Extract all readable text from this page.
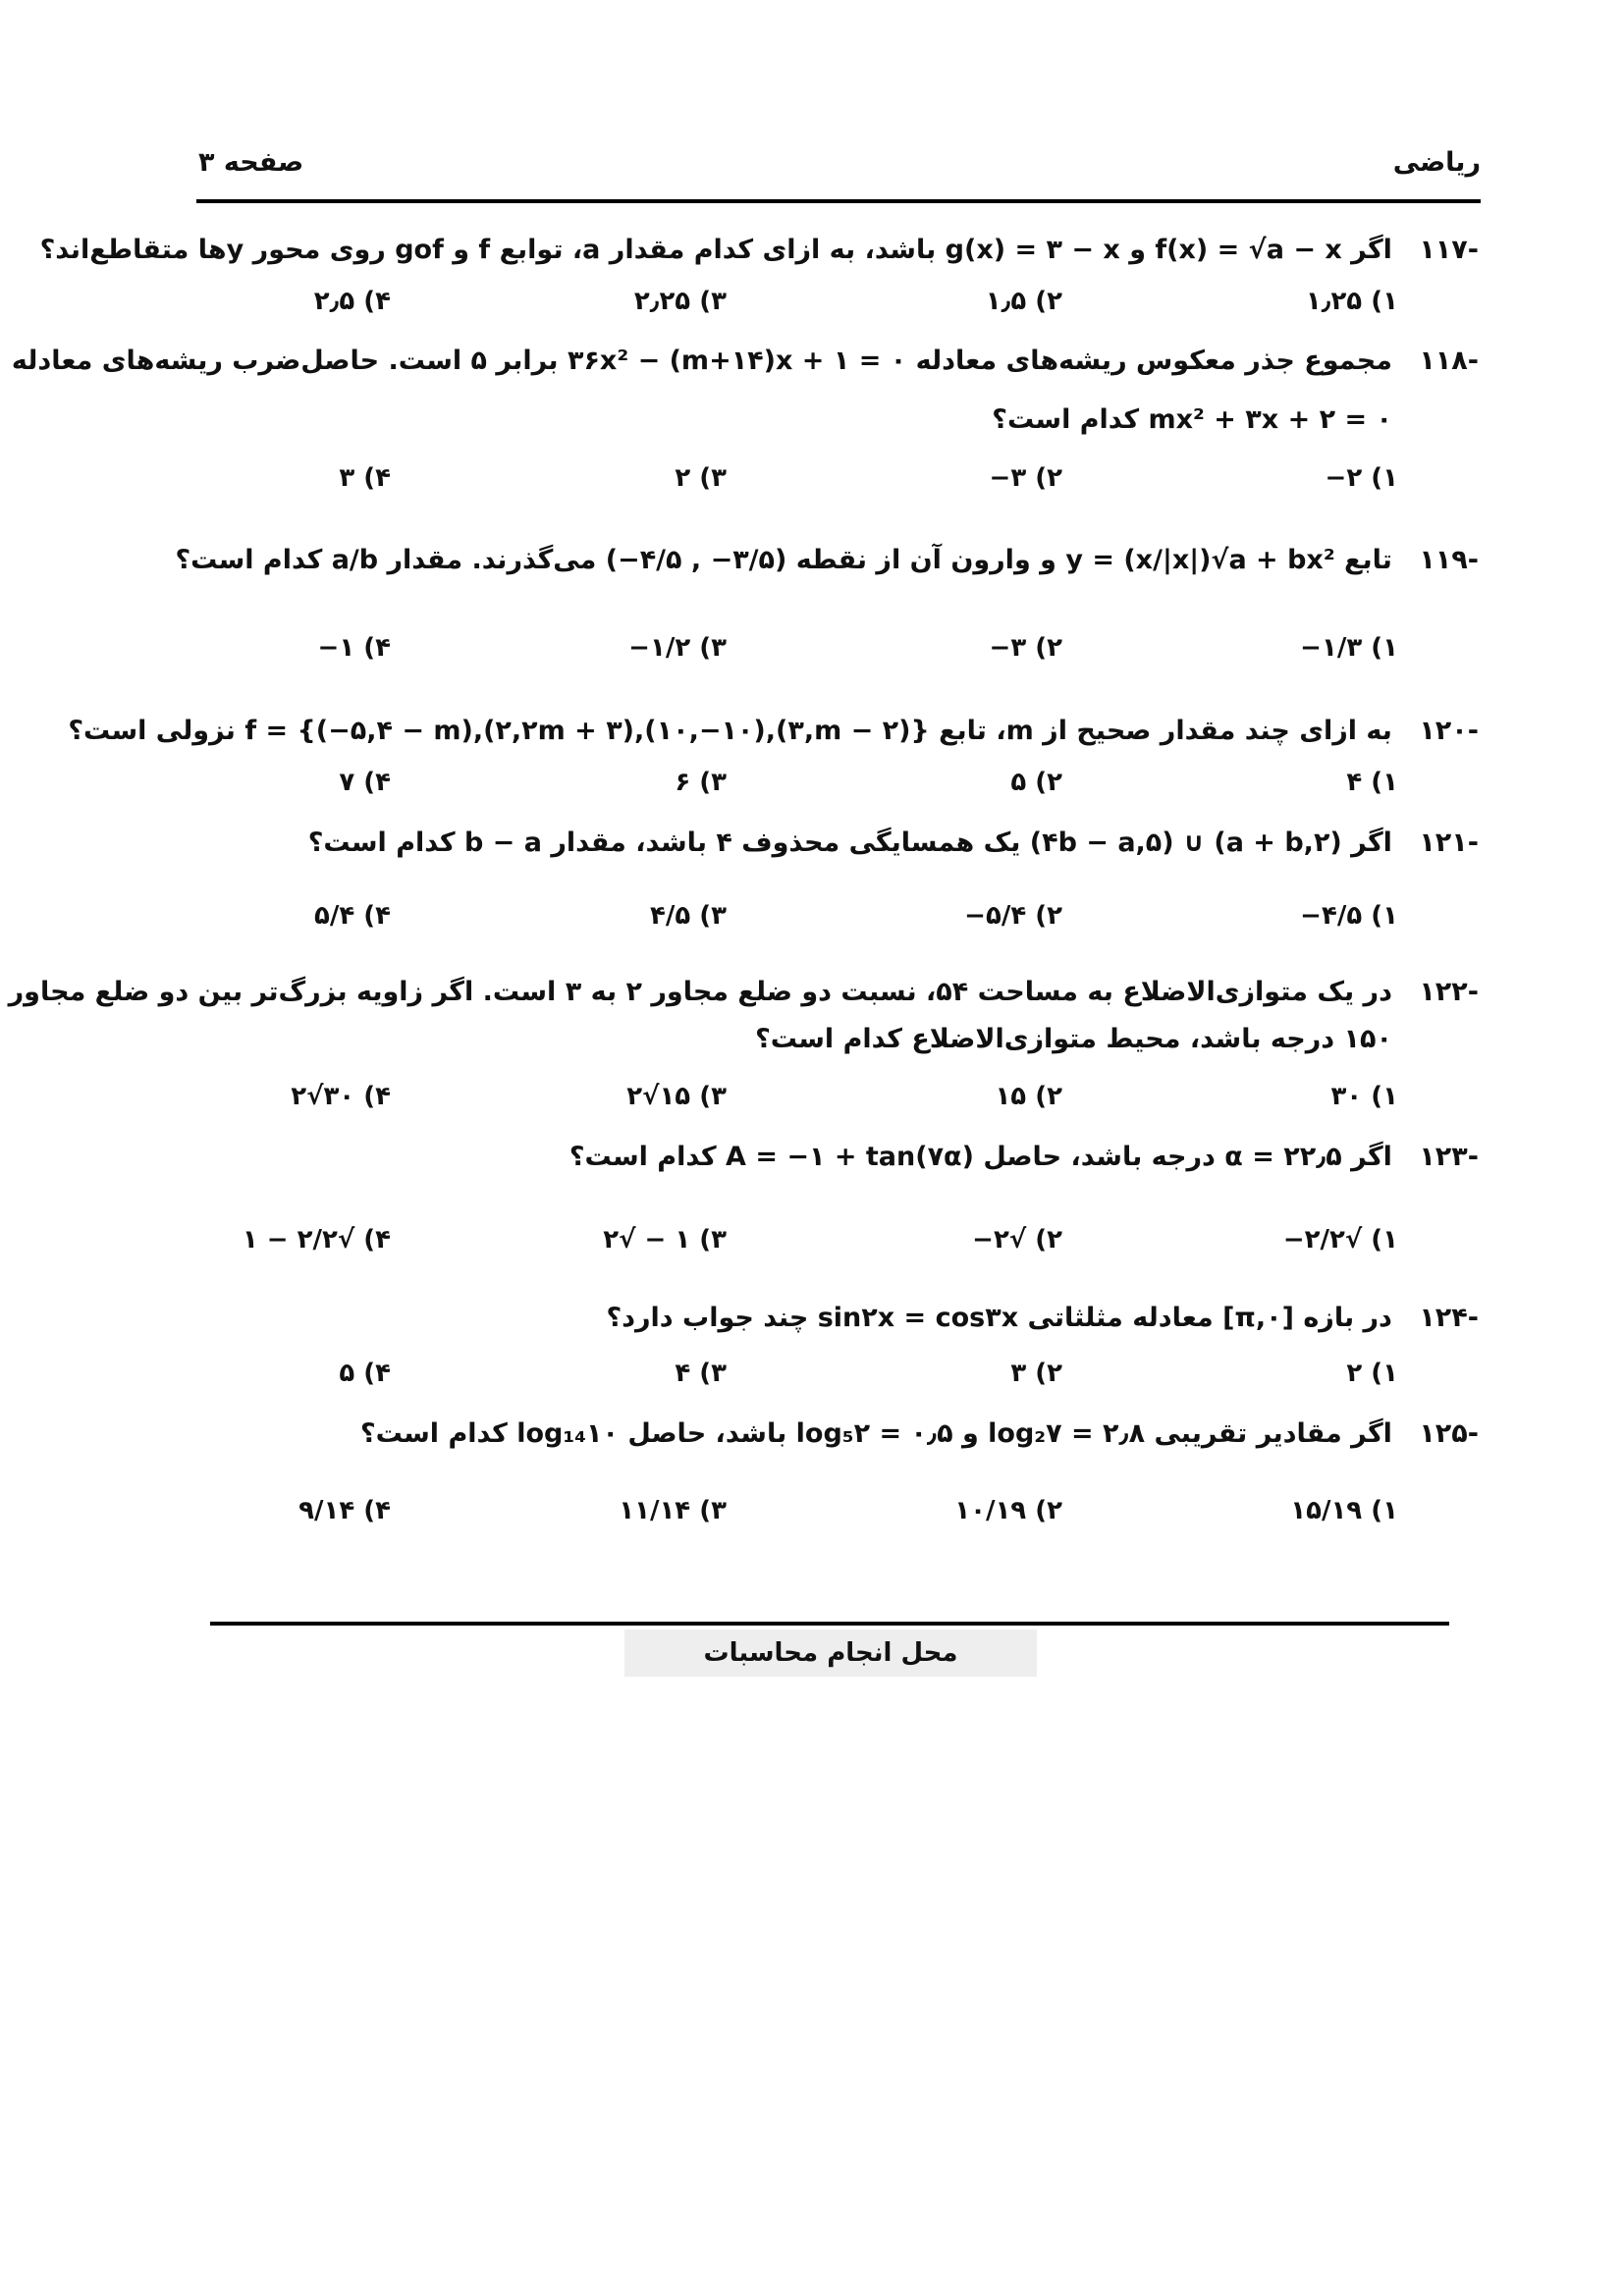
ریاضی
صفحه ۳
-۱۱۷ اگر f(x) = √a − x و g(x) = ۳ − x باشد، به ازای کدام مقدار a، توابع f و gof روی محور yها متقاطع‌اند؟
۱) ۱٫۲۵
۲) ۱٫۵
۳) ۲٫۲۵
۴) ۲٫۵
-۱۱۸ مجموع جذر معکوس ریشه‌های معادله ۳۶x² − (m+۱۴)x + ۱ = ۰ برابر ۵ است. حاصل‌ضرب ریشه‌های معادله
mx² + ۳x + ۲ = ۰ کدام است؟
۱) ۲−
۲) ۳−
۳) ۲
۴) ۳
-۱۱۹ تابع y = (x/|x|)√a + bx² و وارون آن از نقطه (۳/۵− , ۴/۵−) می‌گذرند. مقدار a/b کدام است؟
۱) ۱/۳−
۲) ۳−
۳) ۱/۲−
۴) ۱−
-۱۲۰ به ازای چند مقدار صحیح از m، تابع f = {(−۵,۴ − m),(۲,۲m + ۳),(۱۰,−۱۰),(۳,m − ۲)} نزولی است؟
۱) ۴
۲) ۵
۳) ۶
۴) ۷
-۱۲۱ اگر (۲,a + b) ∪ (۴b − a,۵) یک همسایگی محذوف ۴ باشد، مقدار b − a کدام است؟
۱) ۴/۵−
۲) ۵/۴−
۳) ۴/۵
۴) ۵/۴
-۱۲۲ در یک متوازی‌الاضلاع به مساحت ۵۴، نسبت دو ضلع مجاور ۲ به ۳ است. اگر زاویه بزرگ‌تر بین دو ضلع مجاور
۱۵۰ درجه باشد، محیط متوازی‌الاضلاع کدام است؟
۱) ۳۰
۲) ۱۵
۳) ۱۵√۲
۴) ۳۰√۲
-۱۲۳ اگر α = ۲۲٫۵ درجه باشد، حاصل A = −۱ + tan(۷α) کدام است؟
۱) √۲/۲−
۲) √۲−
۳) ۱ − √۲
۴) √۲/۲ − ۱
-۱۲۴ در بازه [۰,π] معادله مثلثاتی sin۲x = cos۳x چند جواب دارد؟
۱) ۲
۲) ۳
۳) ۴
۴) ۵
-۱۲۵ اگر مقادیر تقریبی log₂۷ = ۲٫۸ و log₅۲ = ۰٫۵ باشد، حاصل log₁₄۱۰ کدام است؟
۱) ۱۵/۱۹
۲) ۱۰/۱۹
۳) ۱۱/۱۴
۴) ۹/۱۴
محل انجام محاسبات
